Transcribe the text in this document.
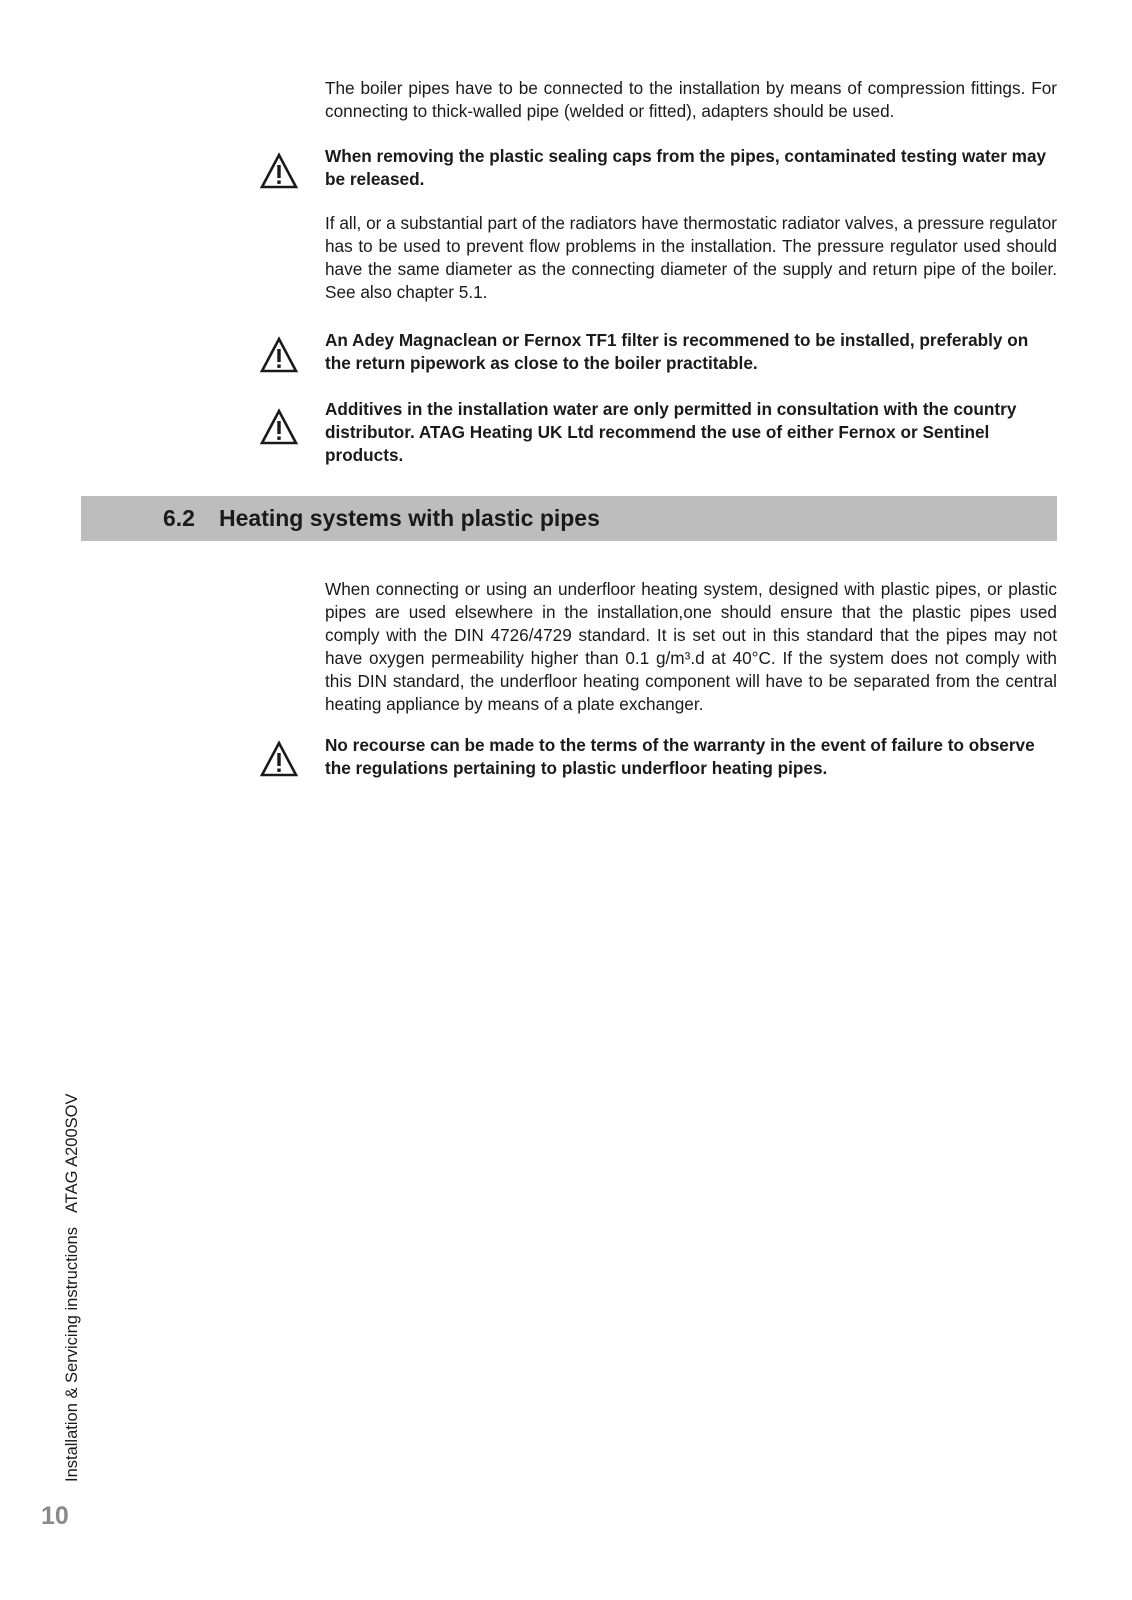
The boiler pipes have to be connected to the installation by means of compression fittings. For connecting to thick-walled pipe (welded or fitted), adapters should be used.

When removing the plastic sealing caps from the pipes, contaminated testing water may be released.

If all, or a substantial part of the radiators have thermostatic radiator valves, a pressure regulator has to be used to prevent flow problems in the installation. The pressure regulator used should have the same diameter as the connecting diameter of the supply and return pipe of the boiler. See also chapter 5.1.

An Adey Magnaclean or Fernox TF1 filter is recommened to be installed, preferably on the return pipework as close to the boiler practitable.

Additives in the installation water are only permitted in consultation with the country distributor. ATAG Heating UK Ltd recommend the use of either Fernox or Sentinel products.

6.2 Heating systems with plastic pipes

When connecting or using an underfloor heating system, designed with plastic pipes, or plastic pipes are used elsewhere in the installation,one should ensure that the plastic pipes used comply with the DIN 4726/4729 standard. It is set out in this standard that the pipes may not have oxygen permeability higher than 0.1 g/m³.d at 40°C. If the system does not comply with this DIN standard, the underfloor heating component will have to be separated from the central heating appliance by means of a plate exchanger.

No recourse can be made to the terms of the warranty in the event of failure to observe the regulations pertaining to plastic underfloor heating pipes.

Installation & Servicing instructionsATAG A200SOV
10
